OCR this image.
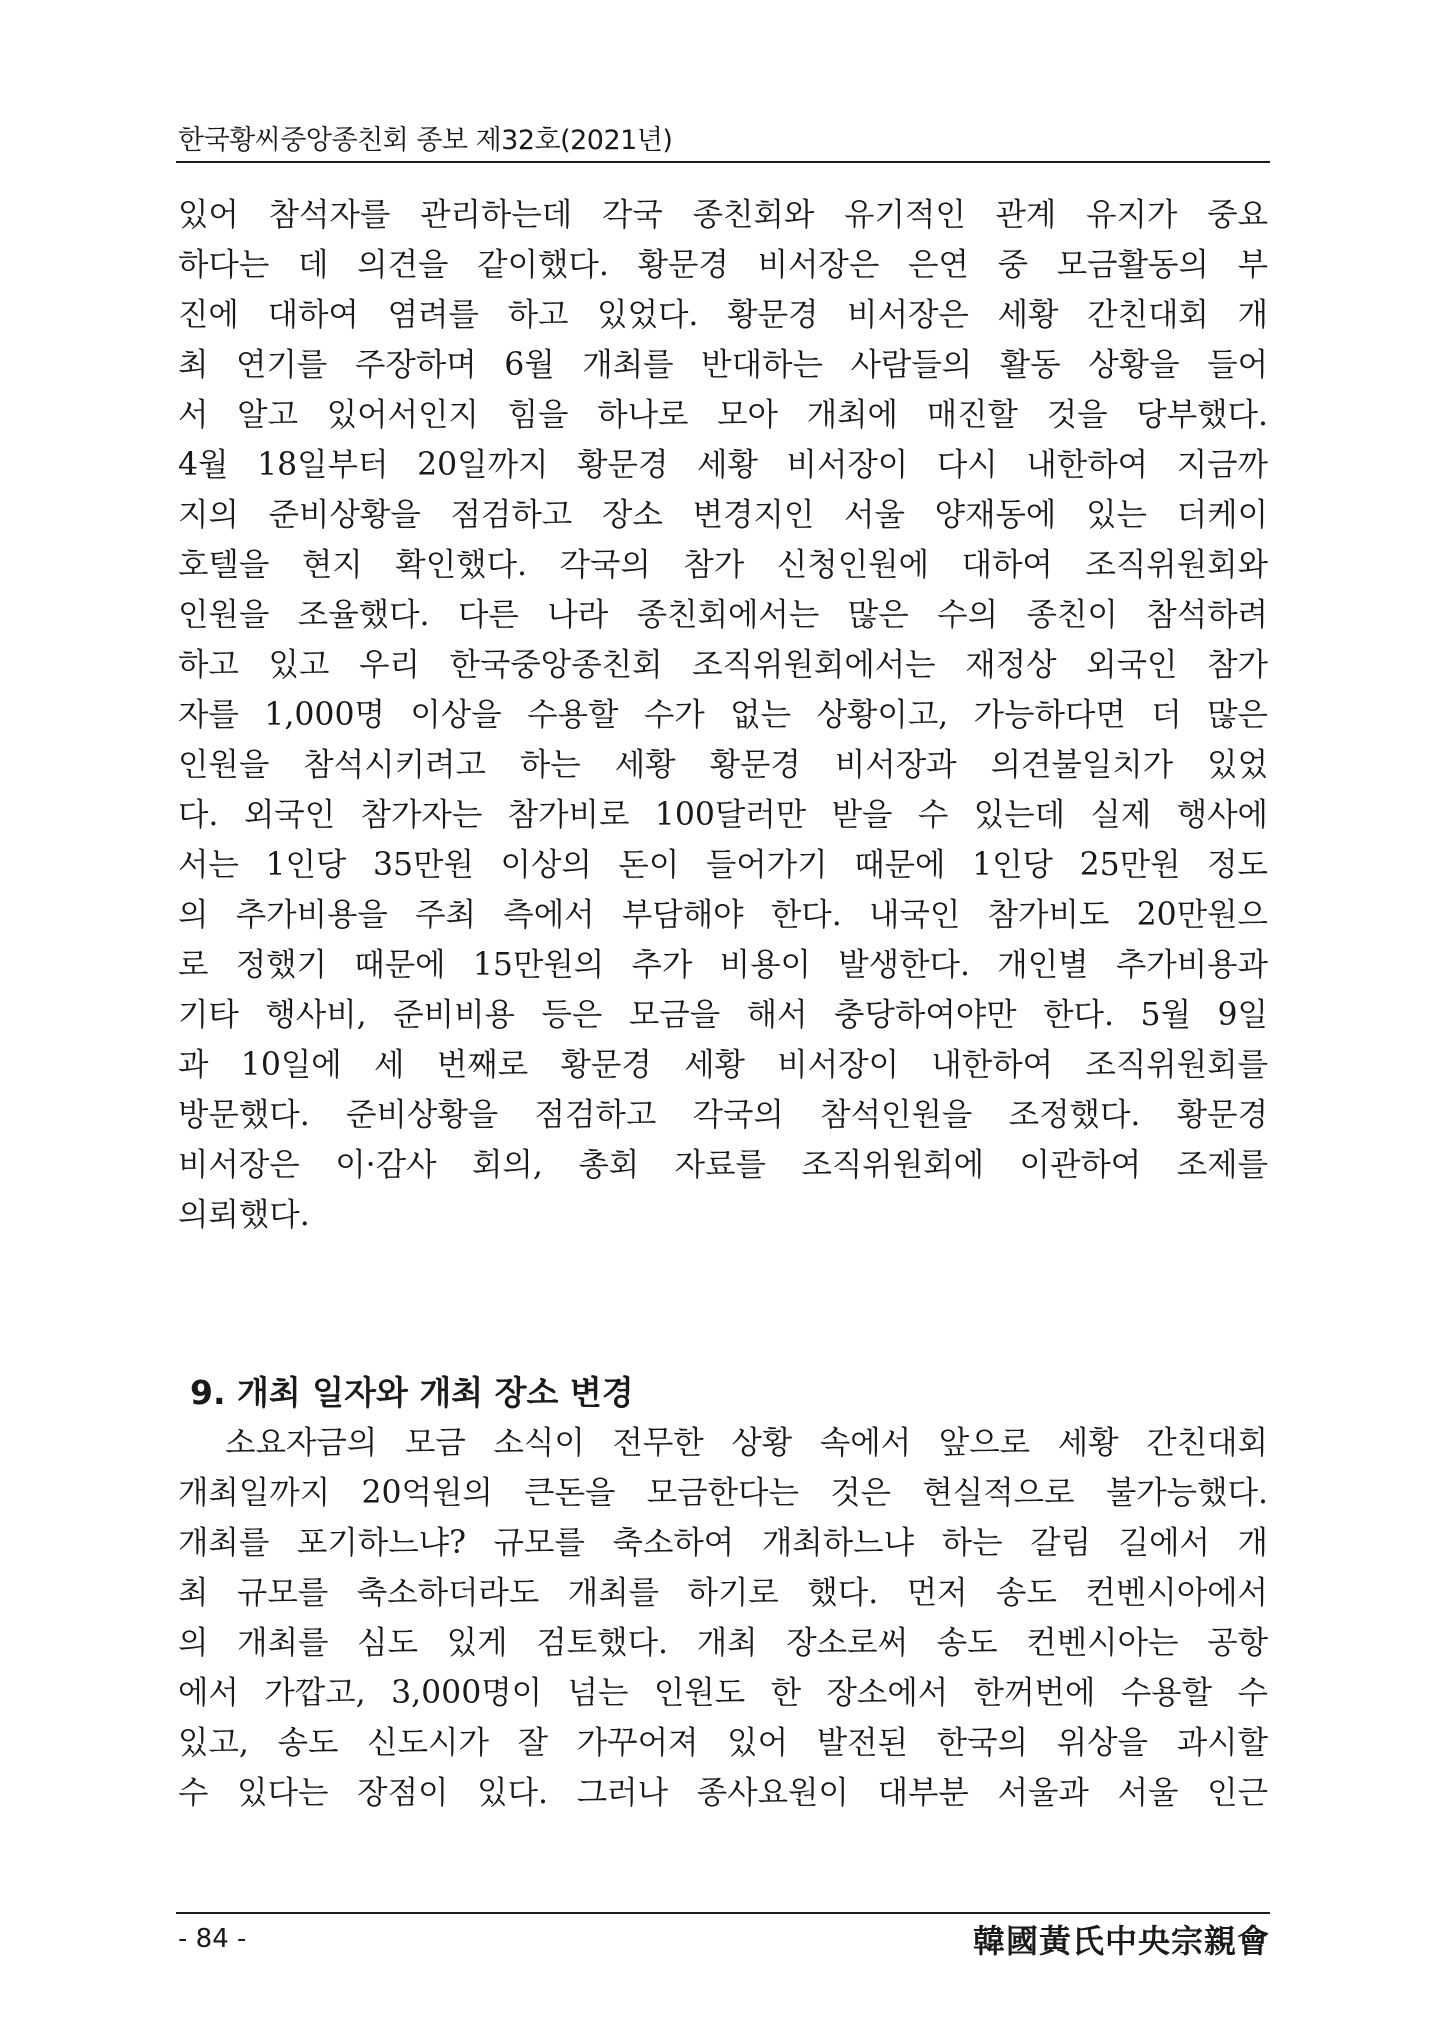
한국황씨중앙종친회 종보 제32호(2021년)
있어 참석자를 관리하는데 각국 종친회와 유기적인 관계 유지가 중요
하다는 데 의견을 같이했다. 황문경 비서장은 은연 중 모금활동의 부
진에 대하여 염려를 하고 있었다. 황문경 비서장은 세황 간친대회 개
최 연기를 주장하며 6월 개최를 반대하는 사람들의 활동 상황을 들어
서 알고 있어서인지 힘을 하나로 모아 개최에 매진할 것을 당부했다.
4월 18일부터 20일까지 황문경 세황 비서장이 다시 내한하여 지금까
지의 준비상황을 점검하고 장소 변경지인 서울 양재동에 있는 더케이
호텔을 현지 확인했다. 각국의 참가 신청인원에 대하여 조직위원회와
인원을 조율했다. 다른 나라 종친회에서는 많은 수의 종친이 참석하려
하고 있고 우리 한국중앙종친회 조직위원회에서는 재정상 외국인 참가
자를 1,000명 이상을 수용할 수가 없는 상황이고, 가능하다면 더 많은
인원을 참석시키려고 하는 세황 황문경 비서장과 의견불일치가 있었
다. 외국인 참가자는 참가비로 100달러만 받을 수 있는데 실제 행사에
서는 1인당 35만원 이상의 돈이 들어가기 때문에 1인당 25만원 정도
의 추가비용을 주최 측에서 부담해야 한다. 내국인 참가비도 20만원으
로 정했기 때문에 15만원의 추가 비용이 발생한다. 개인별 추가비용과
기타 행사비, 준비비용 등은 모금을 해서 충당하여야만 한다. 5월 9일
과 10일에 세 번째로 황문경 세황 비서장이 내한하여 조직위원회를
방문했다. 준비상황을 점검하고 각국의 참석인원을 조정했다. 황문경
비서장은 이·감사 회의, 총회 자료를 조직위원회에 이관하여 조제를
의뢰했다.
9. 개최 일자와 개최 장소 변경
　소요자금의 모금 소식이 전무한 상황 속에서 앞으로 세황 간친대회
개최일까지 20억원의 큰돈을 모금한다는 것은 현실적으로 불가능했다.
개최를 포기하느냐? 규모를 축소하여 개최하느냐 하는 갈림 길에서 개
최 규모를 축소하더라도 개최를 하기로 했다. 먼저 송도 컨벤시아에서
의 개최를 심도 있게 검토했다. 개최 장소로써 송도 컨벤시아는 공항
에서 가깝고, 3,000명이 넘는 인원도 한 장소에서 한꺼번에 수용할 수
있고, 송도 신도시가 잘 가꾸어져 있어 발전된 한국의 위상을 과시할
수 있다는 장점이 있다. 그러나 종사요원이 대부분 서울과 서울 인근
- 84 -	韓國黃氏中央宗親會
